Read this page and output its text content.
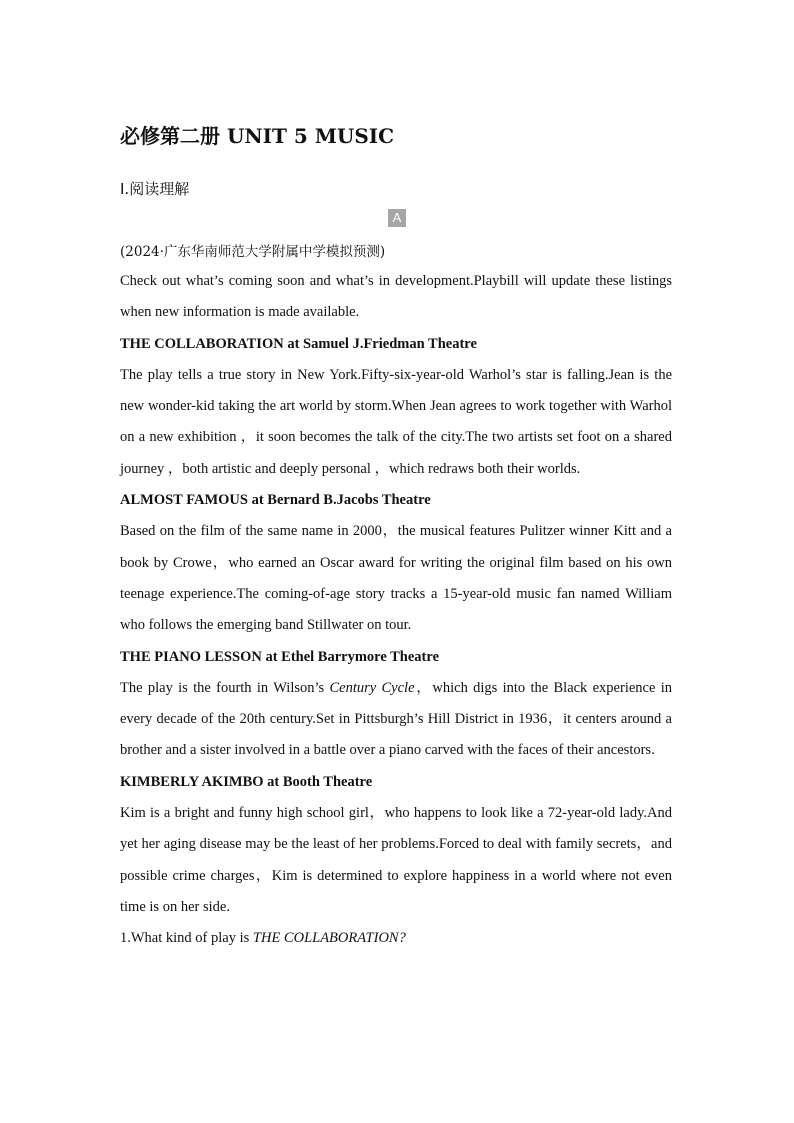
必修第二册 UNIT 5 MUSIC
Ⅰ.阅读理解
A
(2024·广东华南师范大学附属中学模拟预测)

Check out what’s coming soon and what’s in development.Playbill will update these listings when new information is made available.

THE COLLABORATION at Samuel J.Friedman Theatre

The play tells a true story in New York.Fifty-six-year-old Warhol’s star is falling.Jean is the new wonder-kid taking the art world by storm.When Jean agrees to work together with Warhol on a new exhibition ，it soon becomes the talk of the city.The two artists set foot on a shared journey ，both artistic and deeply personal ，which redraws both their worlds.

ALMOST FAMOUS at Bernard B.Jacobs Theatre

Based on the film of the same name in 2000，the musical features Pulitzer winner Kitt and a book by Crowe，who earned an Oscar award for writing the original film based on his own teenage experience.The coming-of-age story tracks a 15-year-old music fan named William who follows the emerging band Stillwater on tour.

THE PIANO LESSON at Ethel Barrymore Theatre

The play is the fourth in Wilson’s Century Cycle，which digs into the Black experience in every decade of the 20th century.Set in Pittsburgh’s Hill District in 1936，it centers around a brother and a sister involved in a battle over a piano carved with the faces of their ancestors.

KIMBERLY AKIMBO at Booth Theatre

Kim is a bright and funny high school girl，who happens to look like a 72-year-old lady.And yet her aging disease may be the least of her problems.Forced to deal with family secrets，and possible crime charges，Kim is determined to explore happiness in a world where not even time is on her side.

1.What kind of play is THE COLLABORATION?
